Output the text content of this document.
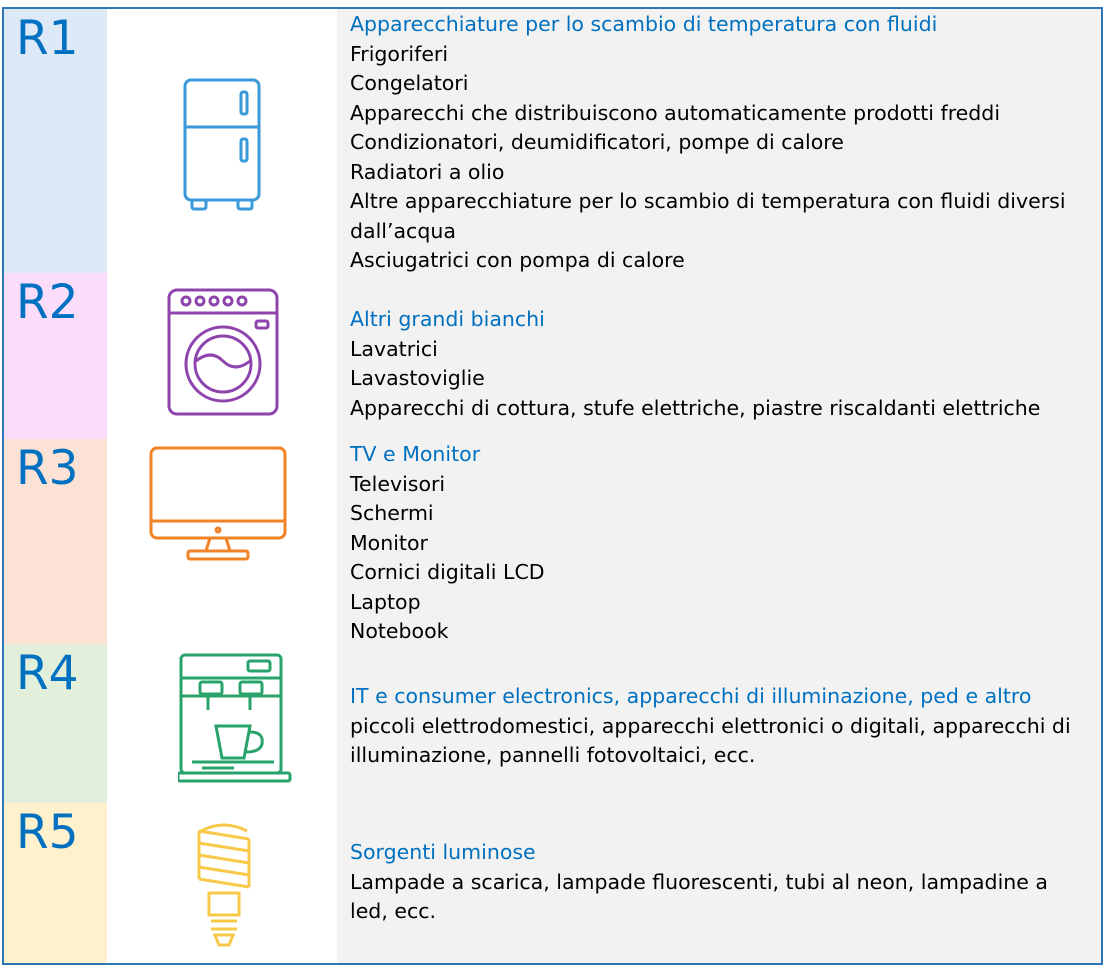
R1	Apparecchiature per lo scambio di temperatura con fluidi
Frigoriferi
Congelatori
Apparecchi che distribuiscono automaticamente prodotti freddi
Condizionatori, deumidificatori, pompe di calore
Radiatori a olio
Altre apparecchiature per lo scambio di temperatura con fluidi diversi dall’acqua
Asciugatrici con pompa di calore
R2	Altri grandi bianchi
Lavatrici
Lavastoviglie
Apparecchi di cottura, stufe elettriche, piastre riscaldanti elettriche
R3	TV e Monitor
Televisori
Schermi
Monitor
Cornici digitali LCD
Laptop
Notebook
R4	IT e consumer electronics, apparecchi di illuminazione, ped e altro
piccoli elettrodomestici, apparecchi elettronici o digitali, apparecchi di illuminazione, pannelli fotovoltaici, ecc.
R5	Sorgenti luminose
Lampade a scarica, lampade fluorescenti, tubi al neon, lampadine a led, ecc.
